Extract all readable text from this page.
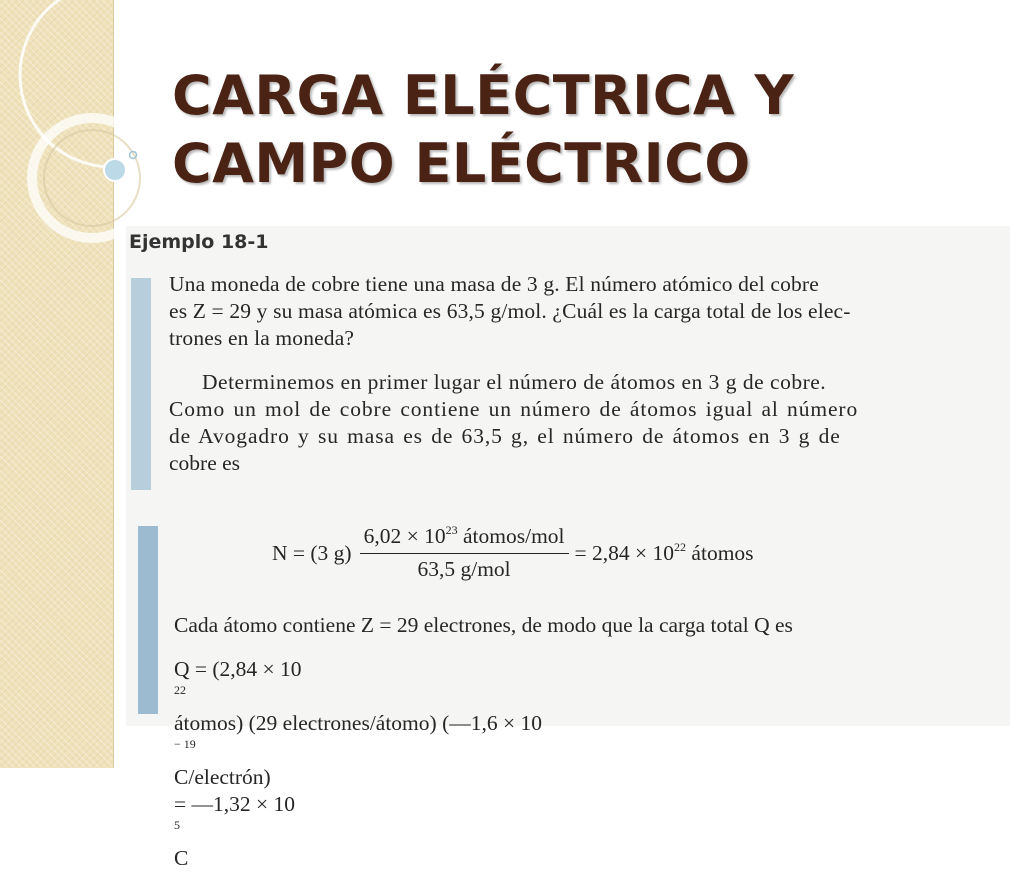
CARGA ELÉCTRICA Y
CAMPO ELÉCTRICO

Ejemplo 18-1

Una moneda de cobre tiene una masa de 3 g. El número atómico del cobre
es Z = 29 y su masa atómica es 63,5 g/mol. ¿Cuál es la carga total de los elec-
trones en la moneda?

Determinemos en primer lugar el número de átomos en 3 g de cobre.
Como un mol de cobre contiene un número de átomos igual al número
de Avogadro y su masa es de 63,5 g, el número de átomos en 3 g de
cobre es

N = (3 $g) \frac{6,02 \times 10^{23} átomos/mol}{\text{63,5 g/mol}} = 2,84 \times 10^{22}$ átomos

Cada átomo contiene Z = 29 electrones, de modo que la carga total Q es

Q = (2,84 × 10
$^{22}$
átomos) (29 electrones/átomo) (—1,6 × 10
$^{- 19}$
C/electrón)
= —1,32 × 10
$^5$
C
